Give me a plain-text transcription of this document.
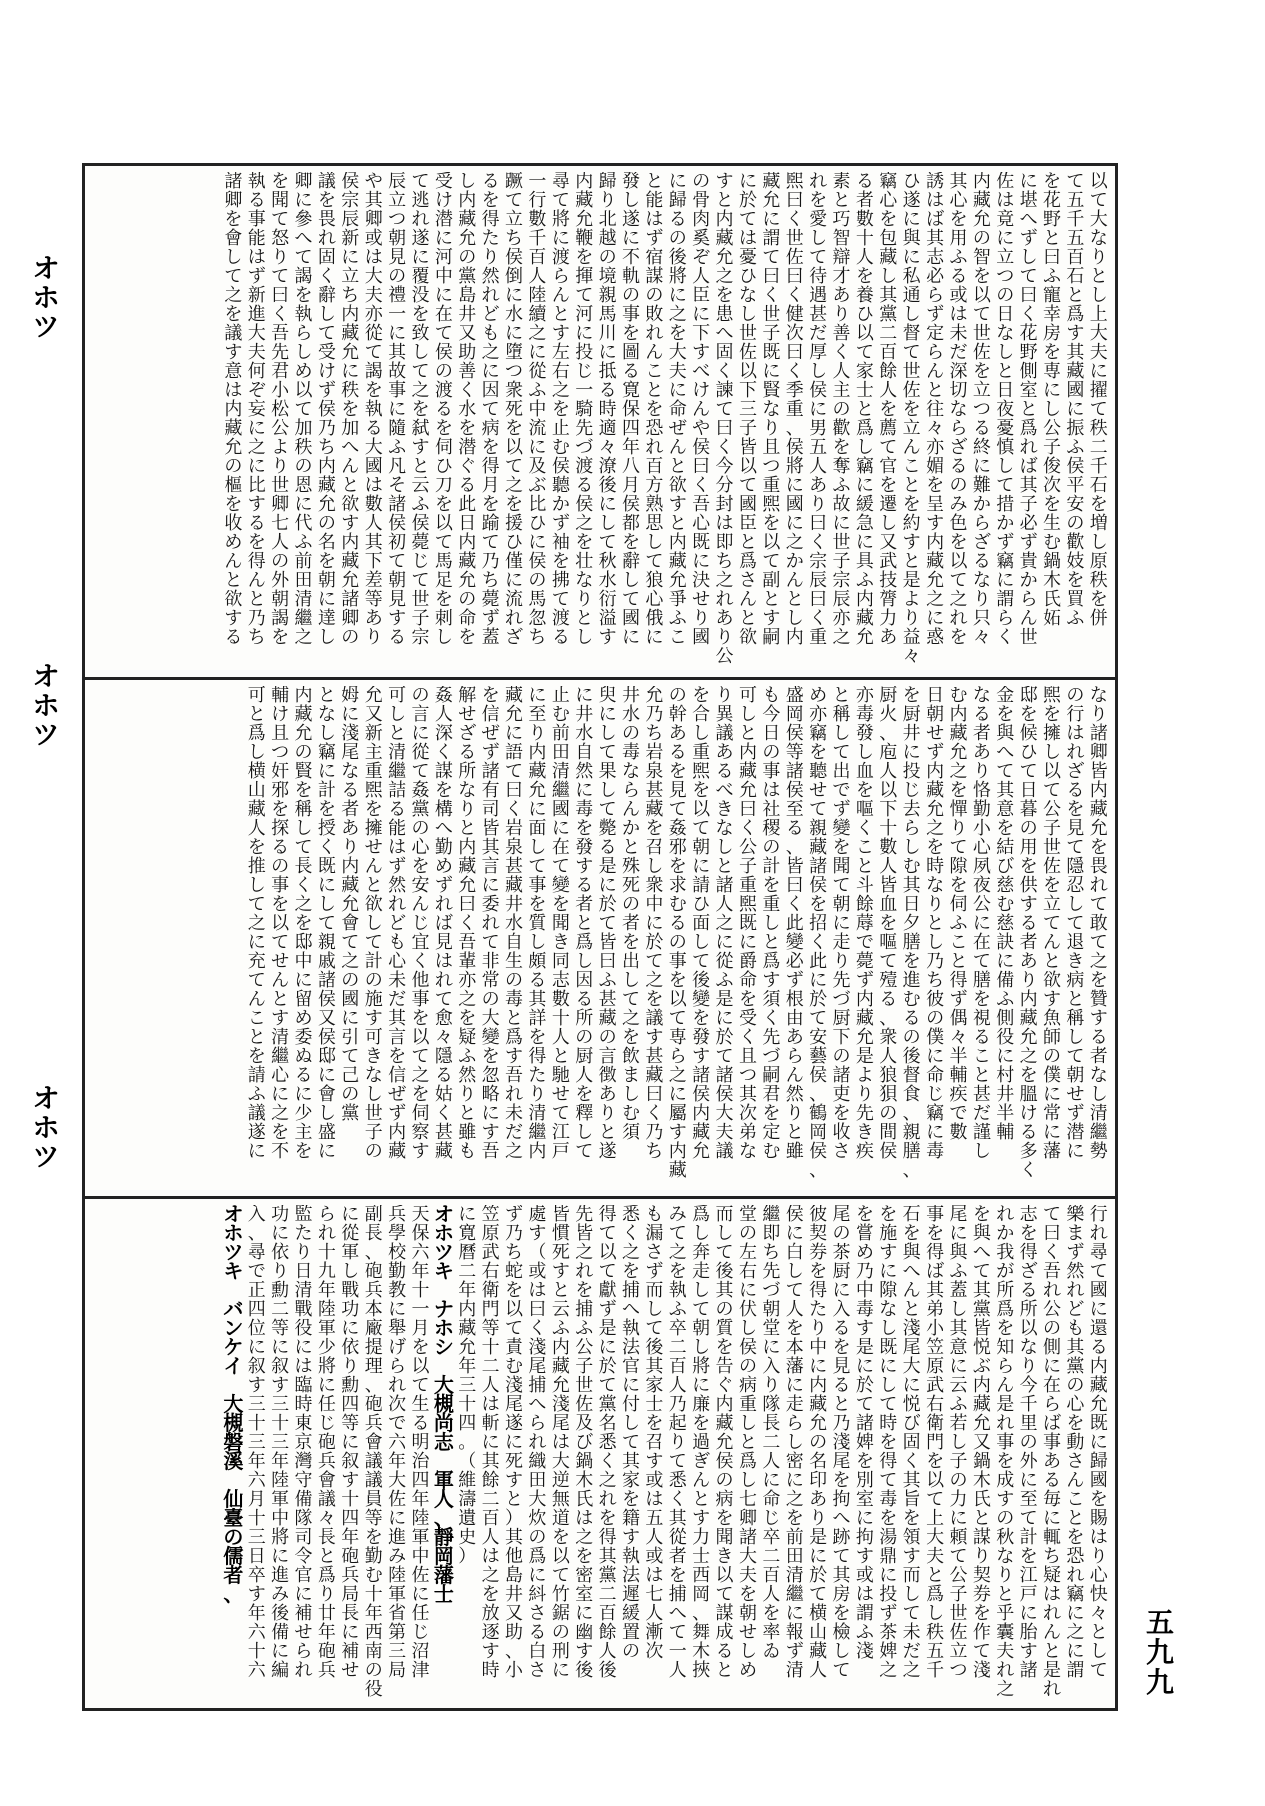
オ
ホ
ツ
オ
ホ
ツ
オ
ホ
ツ
以
て
大
な
り
と
し
上
大
夫
に
擢
て
秩
二
千
石
を
増
し
原
秩
を
併
て
五
千
五
百
石
と
爲
す
其
藏
國
に
振
ふ
侯
平
安
の
歡
妓
を
買
ふ
を
花
野
と
曰
ふ
寵
幸
房
を
専
に
し
公
子
俊
次
を
生
む
鍋
木
氏
妬
に
堪
へ
ず
し
て
曰
く
花
野
側
室
と
爲
れ
ば
其
子
必
ず
貴
か
ら
ん
世
佐
は
竟
に
立
つ
の
日
な
し
と
日
夜
憂
慎
し
て
措
か
ず
竊
に
謂
ら
く
内
藏
允
の
智
を
以
て
世
佐
を
立
つ
る
終
に
難
か
ら
ざ
る
な
り
只
々
其
心
を
用
ふ
る
或
は
未
だ
深
切
な
ら
ざ
る
の
み
色
を
以
て
之
れ
を
誘
は
ば
其
志
必
ら
ず
定
ら
ん
と
往
々
亦
媚
を
呈
す
内
藏
允
之
に
惑
ひ
遂
に
與
に
私
通
し
督
て
世
佐
を
立
ん
こ
と
を
約
す
と
是
よ
り
益
々
竊
心
を
包
藏
し
其
黨
二
百
餘
人
を
薦
て
官
を
遷
し
又
武
技
膂
力
あ
る
者
數
十
人
を
養
ひ
以
て
家
士
と
爲
し
竊
に
緩
急
に
具
ふ
内
藏
允
素
と
巧
智
辯
才
あ
り
善
く
人
主
の
歡
を
奪
ふ
故
に
世
子
宗
辰
亦
之
れ
を
愛
し
て
待
遇
甚
だ
厚
し
侯
に
男
五
人
あ
り
曰
く
宗
辰
曰
く
重
煕
曰
く
世
佐
曰
く
健
次
曰
く
季
重
、
侯
將
に
國
に
之
か
ん
と
し
内
藏
允
に
謂
て
曰
く
世
子
既
に
賢
な
り
且
つ
重
煕
を
以
て
副
と
す
嗣
に
於
て
は
憂
ひ
な
し
世
佐
以
下
三
子
皆
以
て
國
臣
と
爲
さ
ん
と
欲
す
と
内
藏
允
之
を
患
へ
固
く
諫
て
曰
く
今
分
封
は
即
ち
之
れ
あ
り
公
の
骨
肉
奚
ぞ
人
臣
に
下
す
べ
け
ん
や
侯
曰
く
吾
心
既
に
決
せ
り
國
に
歸
る
の
後
將
に
之
を
大
夫
に
命
ぜ
ん
と
欲
す
と
内
藏
允
爭
ふ
こ
と
能
は
ず
宿
謀
の
敗
れ
ん
こ
と
を
恐
れ
百
方
熟
思
し
て
狼
心
俄
に
發
し
遂
に
不
軌
の
事
を
圖
る
寛
保
四
年
八
月
侯
都
を
辭
し
て
國
に
歸
り
北
越
の
境
親
馬
川
に
抵
る
時
適
々
潦
後
に
し
て
秋
水
衍
溢
す
内
藏
允
鞭
を
揮
て
河
に
投
じ
一
騎
先
づ
渡
る
侯
之
を
壮
な
り
と
し
尋
て
將
に
渡
ら
ん
と
す
左
右
之
を
止
む
侯
聽
か
ず
袖
を
拂
て
渡
る
一
行
數
千
百
人
陸
續
之
に
從
ふ
中
流
に
及
ぶ
比
ひ
に
侯
の
馬
忽
ち
蹶
て
立
ち
侯
倒
に
水
に
墮
つ
衆
死
を
以
て
之
を
援
ひ
僅
に
流
れ
ざ
る
を
得
た
り
然
れ
ど
も
之
に
因
て
病
を
得
月
を
踰
て
乃
ち
薨
ず
蓋
し
内
藏
允
の
黨
島
井
又
助
善
く
水
を
潜
ぐ
る
此
日
内
藏
允
の
命
を
受
け
潜
に
河
中
に
在
て
侯
の
渡
る
を
伺
ひ
刀
を
以
て
馬
足
を
刺
し
て
逃
れ
遂
に
覆
没
を
致
し
て
之
を
弑
す
と
云
ふ
侯
薨
じ
て
世
子
宗
辰
立
つ
朝
見
の
禮
一
に
其
故
事
に
隨
ふ
凡
そ
諸
侯
初
て
朝
見
す
る
や
其
卿
或
は
大
夫
亦
從
て
謁
を
執
る
大
國
は
數
人
其
下
差
等
あ
り
侯
宗
辰
新
に
立
ち
内
藏
允
に
秩
を
加
へ
ん
と
欲
す
内
藏
允
諸
卿
の
議
を
畏
れ
固
く
辭
し
て
受
け
ず
侯
乃
ち
内
藏
允
の
名
を
朝
に
達
し
卿
に
參
へ
て
謁
を
執
ら
し
め
以
て
加
秩
の
恩
に
代
ふ
前
田
清
繼
之
を
聞
て
怒
り
て
曰
く
吾
先
君
小
松
公
よ
り
世
卿
七
人
の
外
朝
謁
を
執
る
事
能
は
ず
新
進
大
夫
何
ぞ
妄
に
之
に
比
す
る
を
得
ん
と
乃
ち
諸
卿
を
會
し
て
之
を
議
す
意
は
内
藏
允
の
樞
を
收
め
ん
と
欲
す
る
な
り
諸
卿
皆
内
藏
允
を
畏
れ
て
敢
て
之
を
贊
す
る
者
な
し
清
繼
勢
の
行
は
れ
ざ
る
を
見
て
隱
忍
し
て
退
き
病
と
稱
し
て
朝
せ
ず
潜
に
煕
を
擁
し
以
て
公
子
世
佐
を
立
て
ん
と
欲
す
魚
師
の
僕
に
常
に
藩
邸
を
候
ひ
て
日
暮
の
用
を
供
す
る
者
あ
り
内
藏
允
之
を
膃
け
る
多
く
金
を
與
へ
て
其
意
を
結
び
慈
む
慈
訣
に
備
ふ
側
役
に
村
井
半
輔
な
る
者
あ
り
恪
勤
小
心
夙
夜
公
に
在
て
膳
を
視
る
こ
と
甚
だ
謹
し
む
内
藏
允
之
を
憚
り
て
隙
を
伺
ふ
こ
と
得
ず
偶
々
半
輔
疾
で
數
日
朝
せ
ず
内
藏
允
之
を
時
な
り
と
し
乃
ち
彼
の
僕
に
命
じ
竊
に
毒
を
厨
井
に
投
じ
去
ら
し
む
其
日
夕
膳
を
進
む
る
の
後
督
食
、
親
膳
、
厨
火
、
庖
人
以
下
十
數
人
皆
血
を
嘔
て
殪
る
、
衆
人
狼
狽
の
間
侯
亦
毒
發
し
血
を
嘔
く
こ
と
斗
餘
蓐
で
薨
ず
内
藏
允
是
よ
り
先
き
疾
と
稱
し
て
出
で
ず
變
を
聞
て
朝
に
走
り
先
づ
厨
下
の
諸
吏
を
收
さ
め
亦
竊
を
聽
せ
て
親
藏
諸
侯
を
招
く
此
に
於
て
安
藝
侯
、
鶴
岡
侯
、
盛
岡
侯
等
諸
侯
至
る
、
皆
曰
く
此
變
必
ず
根
由
あ
ら
ん
然
り
と
雖
も
今
日
の
事
は
社
稷
の
計
を
重
し
と
爲
す
須
く
先
づ
嗣
君
を
定
む
可
し
と
内
藏
允
曰
く
公
子
重
煕
既
に
爵
命
を
受
く
且
つ
其
次
弟
な
り
異
議
あ
る
べ
き
な
し
と
諸
人
之
に
從
ふ
是
に
於
て
諸
侯
大
夫
議
を
合
し
重
煕
を
以
て
朝
に
請
ひ
面
し
て
後
變
を
發
す
諸
侯
内
藏
允
の
幹
あ
る
を
見
て
姦
邪
を
求
む
る
の
事
を
以
て
専
ら
之
に
屬
す
内
藏
允
乃
ち
岩
泉
甚
藏
を
召
し
衆
中
に
於
て
之
を
議
す
甚
藏
曰
く
乃
ち
井
水
の
毒
な
ら
ん
か
と
殊
死
の
者
を
出
し
て
之
を
飲
ま
し
む
須
臾
に
し
て
果
し
て
斃
る
是
に
於
て
皆
曰
ふ
甚
藏
の
言
徴
あ
り
と
遂
に
井
水
自
然
に
毒
を
發
す
る
者
と
爲
し
因
る
所
の
厨
人
を
釋
し
て
止
む
前
田
清
繼
國
に
在
て
變
を
聞
き
同
志
數
十
人
と
馳
せ
て
江
戸
に
至
り
内
藏
允
に
面
し
て
事
を
質
し
頗
る
其
詳
を
得
た
り
清
繼
内
藏
允
に
語
て
曰
く
岩
泉
甚
藏
井
水
自
生
の
毒
と
爲
す
吾
れ
未
だ
之
を
信
ぜ
ず
諸
有
司
皆
其
言
に
委
れ
て
非
常
の
大
變
を
忽
略
に
す
吾
解
せ
ざ
る
所
な
り
と
内
藏
允
曰
く
吾
輩
亦
之
を
疑
ふ
然
り
と
雖
も
姦
人
深
く
謀
を
構
へ
勤
め
ず
れ
ば
見
は
れ
て
愈
々
隱
る
姑
く
甚
藏
の
言
に
從
て
姦
黨
の
心
を
安
ん
じ
宜
く
他
事
を
以
て
之
を
伺
察
す
可
し
と
清
繼
詰
る
能
は
ず
然
れ
ど
も
心
未
だ
其
言
を
信
ぜ
ず
内
藏
允
又
新
主
重
煕
を
擁
せ
ん
と
欲
し
て
計
の
施
す
可
き
な
し
世
子
の
姆
に
淺
尾
な
る
者
あ
り
内
藏
允
會
て
之
の
國
に
引
て
己
の
黨
と
な
し
竊
に
計
を
授
く
既
に
し
て
親
戚
諸
侯
又
侯
邸
に
會
し
盛
に
内
藏
允
の
賢
を
稱
し
て
長
く
之
を
邸
中
に
留
め
委
ぬ
る
に
少
主
を
輔
け
且
つ
奸
邪
を
探
る
の
事
を
以
て
せ
ん
と
す
清
繼
心
に
之
を
不
可
と
爲
し
横
山
藏
人
を
推
し
て
之
に
充
て
ん
こ
と
を
請
ふ
議
遂
に
行
れ
尋
て
國
に
還
る
内
藏
允
既
に
歸
國
を
賜
は
り
心
快
々
と
し
て
樂
ま
ず
然
れ
ど
も
其
黨
の
心
を
動
さ
ん
こ
と
を
恐
れ
竊
に
之
に
謂
て
曰
く
吾
れ
公
の
側
に
在
ら
ば
事
あ
る
毎
に
輒
ち
疑
は
れ
ん
と
是
れ
志
を
得
ざ
る
所
以
な
り
今
千
里
の
外
に
至
て
計
を
江
戸
に
胎
す
諸
れ
か
我
が
所
爲
を
知
ら
ん
是
れ
事
を
成
す
の
秋
な
り
と
乎
囊
夫
れ
之
を
與
へ
て
其
黨
皆
悦
ぶ
内
藏
允
又
鍋
木
氏
と
謀
り
契
券
を
作
て
淺
尾
に
與
ふ
蓋
し
其
意
に
云
ふ
若
し
子
の
力
に
頼
て
公
子
世
佐
立
つ
事
を
得
ば
其
弟
小
笠
原
武
右
衛
門
を
以
て
上
大
夫
と
爲
し
秩
五
千
石
を
與
へ
ん
と
淺
尾
大
に
悦
び
固
く
其
旨
を
領
す
而
し
て
未
だ
之
を
施
す
に
隙
な
し
既
に
し
て
時
を
得
て
毒
を
湯
鼎
に
投
ず
茶
婢
之
を
嘗
め
乃
中
毒
す
是
に
於
て
諸
婢
を
別
室
に
拘
す
或
は
謂
ふ
淺
尾
の
茶
厨
に
入
る
を
見
る
と
乃
淺
尾
を
拘
へ
跡
て
其
房
を
檢
し
て
彼
契
券
を
得
た
り
中
に
内
藏
允
の
名
印
あ
り
是
に
於
て
横
山
藏
人
侯
に
白
し
て
人
を
本
藩
に
走
ら
し
密
に
之
を
前
田
清
繼
に
報
ず
清
繼
即
ち
先
づ
朝
堂
に
入
り
隊
長
二
人
に
命
じ
卒
二
百
人
を
率
ゐ
堂
の
左
右
に
伏
し
侯
の
病
重
し
と
爲
し
七
卿
諸
大
夫
を
朝
せ
し
め
而
し
て
後
其
の
質
を
告
ぐ
内
藏
允
侯
の
病
を
聞
き
以
て
謀
成
る
と
爲
し
奔
走
し
て
朝
し
將
に
廉
を
過
ぎ
ん
と
す
力
士
西
岡
、
舞
木
挾
み
て
之
を
執
ふ
卒
二
百
人
乃
起
り
て
悉
く
其
從
者
を
捕
へ
て
一
人
も
漏
さ
ず
而
し
て
後
其
家
士
を
召
す
或
は
五
人
或
は
七
人
漸
次
悉
く
之
を
捕
へ
執
法
官
に
付
し
て
其
家
を
籍
す
執
法
遲
緩
置
の
得
て
以
て
獻
ず
是
に
於
て
黨
名
悉
く
之
れ
を
得
其
黨
二
百
餘
人
後
先
皆
之
れ
を
捕
ふ
公
子
世
佐
及
び
鍋
木
氏
は
之
を
密
室
に
幽
す
後
皆
慣
死
す
と
云
ふ
内
藏
允
淺
尾
は
大
逆
無
道
を
以
て
竹
鋸
の
刑
に
處
す
（
或
は
曰
く
淺
尾
捕
へ
ら
れ
織
田
大
炊
の
爲
に
紏
さ
る
白
さ
ず
乃
ち
蛇
を
以
て
責
む
淺
尾
遂
に
死
す
と
）
其
他
島
井
又
助
、
小
笠
原
武
右
衛
門
等
十
二
人
は
斬
に
其
餘
二
百
人
は
之
を
放
逐
す
時
に
寛
曆
二
年
内
藏
允
年
三
十
四
。
（
維
濤
遺
史
）
オ
ホ
ツ
キ

ナ
ホ
シ

大
槻
尚
志

軍
人
、
靜
岡
藩
士
天
保
六
年
十
一
月
を
以
て
生
る
明
治
四
年
陸
軍
中
佐
に
任
じ
沼
津
兵
學
校
勤
教
に
舉
げ
ら
れ
次
で
六
年
大
佐
に
進
み
陸
軍
省
第
三
局
副
長
、
砲
兵
本
廠
提
理
、
砲
兵
會
議
議
員
等
を
勤
む
十
年
西
南
の
役
に
從
軍
し
戰
功
に
依
り
勳
四
等
に
叙
す
十
四
年
砲
兵
局
長
に
補
せ
ら
れ
十
九
年
陸
軍
少
將
に
任
じ
砲
兵
會
議
々
長
と
爲
り
廿
年
砲
兵
監
た
り
日
清
戰
役
に
は
臨
時
東
京
灣
守
備
隊
司
令
官
に
補
せ
ら
れ
功
に
依
り
勳
二
等
に
叙
す
三
十
三
年
陸
軍
中
將
に
進
み
後
備
に
編
入
、
尋
で
正
四
位
に
叙
す
三
十
三
年
六
月
十
三
日
卒
す
年
六
十
六
オ
ホ
ツ
キ

バ
ン
ケ
イ

大
槻
磐
溪

仙
臺
の
儒
者
、
五
九
九
